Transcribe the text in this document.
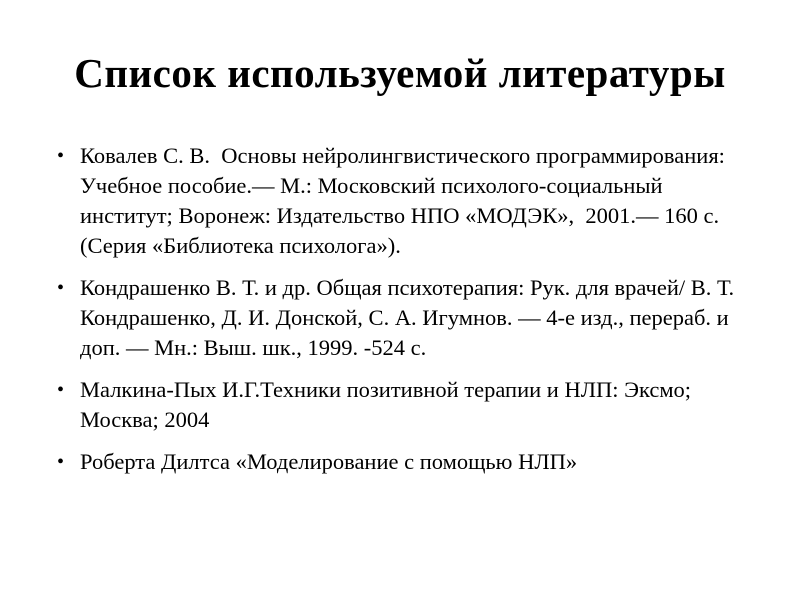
Список используемой литературы
• Ковалев С. В.  Основы нейролингвистического программирования:  Учебное пособие.— М.: Московский психолого-социальный институт; Воронеж: Издательство НПО «МОДЭК»,  2001.— 160 с. (Серия «Библиотека психолога»).
• Кондрашенко В. Т. и др. Общая психотерапия: Рук. для врачей/ В. Т. Кондрашенко, Д. И. Донской, С. А. Игумнов. — 4-е изд., перераб. и доп. — Мн.: Выш. шк., 1999. -524 с.
• Малкина-Пых И.Г.Техники позитивной терапии и НЛП: Эксмо; Москва; 2004
• Роберта Дилтса «Моделирование с помощью НЛП»
